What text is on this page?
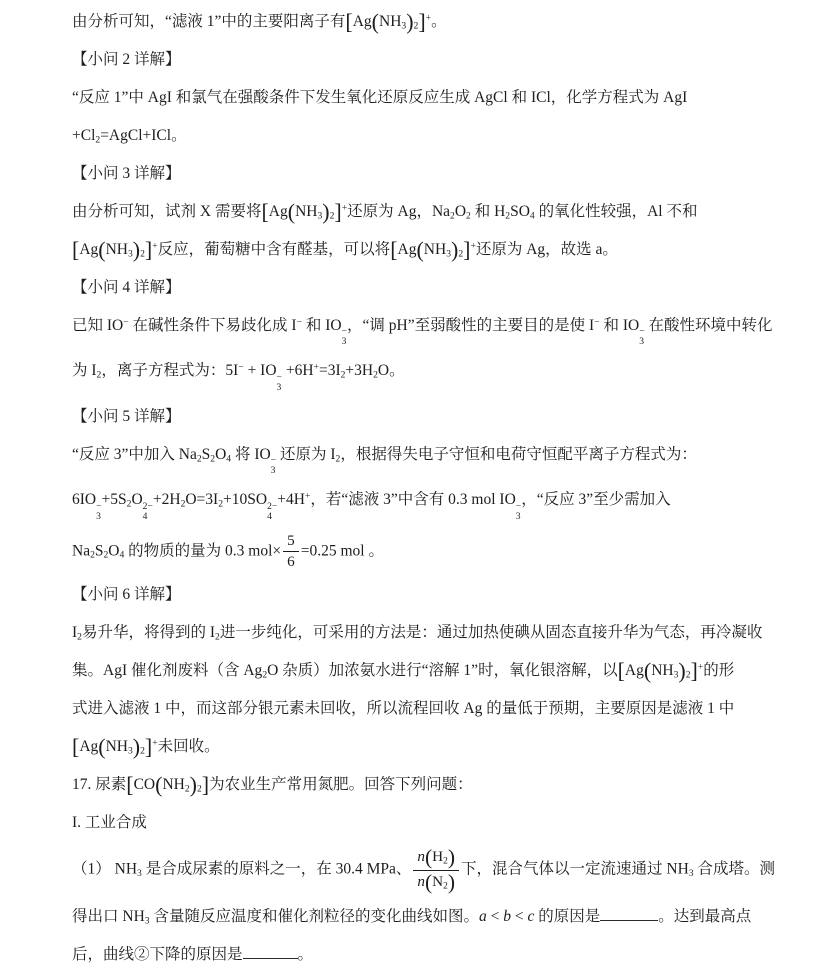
由分析可知，“滤液 1”中的主要阳离子有$[Ag(NH_3)_2]^+$。

【小问 2 详解】

“反应 1”中 AgI 和氯气在强酸条件下发生氧化还原反应生成 AgCl 和 ICl，化学方程式为 AgI

$+Cl_2=AgCl+ICl$。

【小问 3 详解】

由分析可知，试剂 X 需要将$[Ag(NH_3)_2]^+$还原为 Ag，$Na_2O_2$ 和 $H_2SO_4$ 的氧化性较强，Al 不和

$[Ag(NH_3)_2]^+$反应，葡萄糖中含有醛基，可以将$[Ag(NH_3)_2]^+$还原为 Ag，故选 a。

【小问 4 详解】

已知 IO− 在碱性条件下易歧化成 I− 和 IO −
3
，“调 pH”至弱酸性的主要目的是使 I− 和 IO −
3
在酸性环境中转化

为 $I_2$，离子方程式为：5I− + IO −
3
$+6H^+=3I_2+3H_2O$。

【小问 5 详解】

“反应 3”中加入 $Na_2S_2O_4$ 将 IO −
3
还原为 $I_2$，根据得失电子守恒和电荷守恒配平离子方程式为：

6IO −
3
$+5S_2O$ 2−
4
$+2H_2O=3I_2+10SO$ 2−
4
+4H+，若“滤液 3”中含有 0.3 mol IO −
3
，“反应 3”至少需加入

$Na_2S_2O_4$ 的物质的量为 0.3 $mol\times \frac{5}{6} =0.25$ mol 。

【小问 6 详解】

$I_2$易升华，将得到的 $I_2$进一步纯化，可采用的方法是：通过加热使碘从固态直接升华为气态，再冷凝收

集。AgI 催化剂废料（含 $Ag_2O$ 杂质）加浓氨水进行“溶解 1”时，氧化银溶解，以$[Ag(NH_3)_2]^+$的形

式进入滤液 1 中，而这部分银元素未回收，所以流程回收 Ag 的量低于预期，主要原因是滤液 1 中

$[Ag(NH_3)_2]^+$未回收。

17. 尿素$[CO(NH_2)_2]$为农业生产常用氮肥。回答下列问题：

I. 工业合成

（1） $NH_3$ 是合成尿素的原料之一，在 30.4 MPa、 $\frac{n(H_2)}{n(N_2)}$ 下，混合气体以一定流速通过 $NH_3$ 合成塔。测

得出口 $NH_3$ 含量随反应温度和催化剂粒径的变化曲线如图。a < b < c 的原因是	。达到最高点

后，曲线②下降的原因是	。
